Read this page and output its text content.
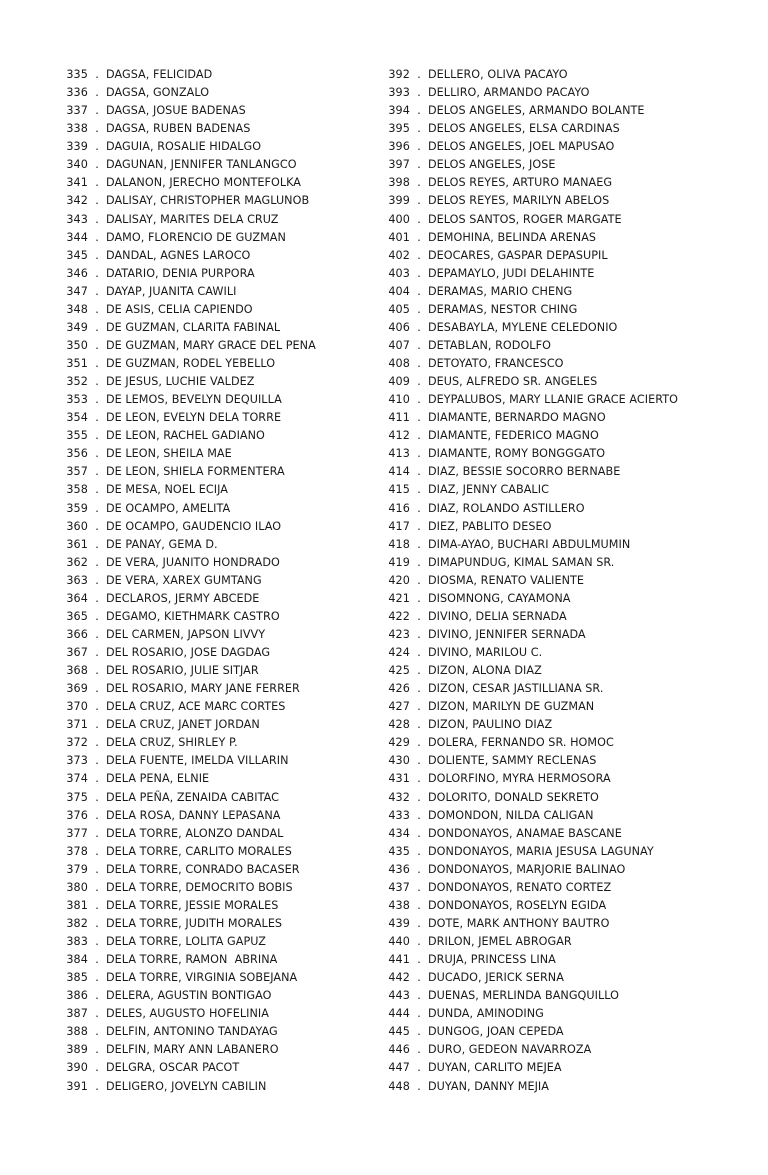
335 . DAGSA, FELICIDAD
336 . DAGSA, GONZALO
337 . DAGSA, JOSUE BADENAS
338 . DAGSA, RUBEN BADENAS
339 . DAGUIA, ROSALIE HIDALGO
340 . DAGUNAN, JENNIFER TANLANGCO
341 . DALANON, JERECHO MONTEFOLKA
342 . DALISAY, CHRISTOPHER MAGLUNOB
343 . DALISAY, MARITES DELA CRUZ
344 . DAMO, FLORENCIO DE GUZMAN
345 . DANDAL, AGNES LAROCO
346 . DATARIO, DENIA PURPORA
347 . DAYAP, JUANITA CAWILI
348 . DE ASIS, CELIA CAPIENDO
349 . DE GUZMAN, CLARITA FABINAL
350 . DE GUZMAN, MARY GRACE DEL PENA
351 . DE GUZMAN, RODEL YEBELLO
352 . DE JESUS, LUCHIE VALDEZ
353 . DE LEMOS, BEVELYN DEQUILLA
354 . DE LEON, EVELYN DELA TORRE
355 . DE LEON, RACHEL GADIANO
356 . DE LEON, SHEILA MAE
357 . DE LEON, SHIELA FORMENTERA
358 . DE MESA, NOEL ECIJA
359 . DE OCAMPO, AMELITA
360 . DE OCAMPO, GAUDENCIO ILAO
361 . DE PANAY, GEMA D.
362 . DE VERA, JUANITO HONDRADO
363 . DE VERA, XAREX GUMTANG
364 . DECLAROS, JERMY ABCEDE
365 . DEGAMO, KIETHMARK CASTRO
366 . DEL CARMEN, JAPSON LIVVY
367 . DEL ROSARIO, JOSE DAGDAG
368 . DEL ROSARIO, JULIE SITJAR
369 . DEL ROSARIO, MARY JANE FERRER
370 . DELA CRUZ, ACE MARC CORTES
371 . DELA CRUZ, JANET JORDAN
372 . DELA CRUZ, SHIRLEY P.
373 . DELA FUENTE, IMELDA VILLARIN
374 . DELA PENA, ELNIE
375 . DELA PEÑA, ZENAIDA CABITAC
376 . DELA ROSA, DANNY LEPASANA
377 . DELA TORRE, ALONZO DANDAL
378 . DELA TORRE, CARLITO MORALES
379 . DELA TORRE, CONRADO BACASER
380 . DELA TORRE, DEMOCRITO BOBIS
381 . DELA TORRE, JESSIE MORALES
382 . DELA TORRE, JUDITH MORALES
383 . DELA TORRE, LOLITA GAPUZ
384 . DELA TORRE, RAMON  ABRINA
385 . DELA TORRE, VIRGINIA SOBEJANA
386 . DELERA, AGUSTIN BONTIGAO
387 . DELES, AUGUSTO HOFELINIA
388 . DELFIN, ANTONINO TANDAYAG
389 . DELFIN, MARY ANN LABANERO
390 . DELGRA, OSCAR PACOT
391 . DELIGERO, JOVELYN CABILIN
392 . DELLERO, OLIVA PACAYO
393 . DELLIRO, ARMANDO PACAYO
394 . DELOS ANGELES, ARMANDO BOLANTE
395 . DELOS ANGELES, ELSA CARDINAS
396 . DELOS ANGELES, JOEL MAPUSAO
397 . DELOS ANGELES, JOSE
398 . DELOS REYES, ARTURO MANAEG
399 . DELOS REYES, MARILYN ABELOS
400 . DELOS SANTOS, ROGER MARGATE
401 . DEMOHINA, BELINDA ARENAS
402 . DEOCARES, GASPAR DEPASUPIL
403 . DEPAMAYLO, JUDI DELAHINTE
404 . DERAMAS, MARIO CHENG
405 . DERAMAS, NESTOR CHING
406 . DESABAYLA, MYLENE CELEDONIO
407 . DETABLAN, RODOLFO
408 . DETOYATO, FRANCESCO
409 . DEUS, ALFREDO SR. ANGELES
410 . DEYPALUBOS, MARY LLANIE GRACE ACIERTO
411 . DIAMANTE, BERNARDO MAGNO
412 . DIAMANTE, FEDERICO MAGNO
413 . DIAMANTE, ROMY BONGGGATO
414 . DIAZ, BESSIE SOCORRO BERNABE
415 . DIAZ, JENNY CABALIC
416 . DIAZ, ROLANDO ASTILLERO
417 . DIEZ, PABLITO DESEO
418 . DIMA-AYAO, BUCHARI ABDULMUMIN
419 . DIMAPUNDUG, KIMAL SAMAN SR.
420 . DIOSMA, RENATO VALIENTE
421 . DISOMNONG, CAYAMONA
422 . DIVINO, DELIA SERNADA
423 . DIVINO, JENNIFER SERNADA
424 . DIVINO, MARILOU C.
425 . DIZON, ALONA DIAZ
426 . DIZON, CESAR JASTILLIANA SR.
427 . DIZON, MARILYN DE GUZMAN
428 . DIZON, PAULINO DIAZ
429 . DOLERA, FERNANDO SR. HOMOC
430 . DOLIENTE, SAMMY RECLENAS
431 . DOLORFINO, MYRA HERMOSORA
432 . DOLORITO, DONALD SEKRETO
433 . DOMONDON, NILDA CALIGAN
434 . DONDONAYOS, ANAMAE BASCANE
435 . DONDONAYOS, MARIA JESUSA LAGUNAY
436 . DONDONAYOS, MARJORIE BALINAO
437 . DONDONAYOS, RENATO CORTEZ
438 . DONDONAYOS, ROSELYN EGIDA
439 . DOTE, MARK ANTHONY BAUTRO
440 . DRILON, JEMEL ABROGAR
441 . DRUJA, PRINCESS LINA
442 . DUCADO, JERICK SERNA
443 . DUENAS, MERLINDA BANGQUILLO
444 . DUNDA, AMINODING
445 . DUNGOG, JOAN CEPEDA
446 . DURO, GEDEON NAVARROZA
447 . DUYAN, CARLITO MEJEA
448 . DUYAN, DANNY MEJIA
